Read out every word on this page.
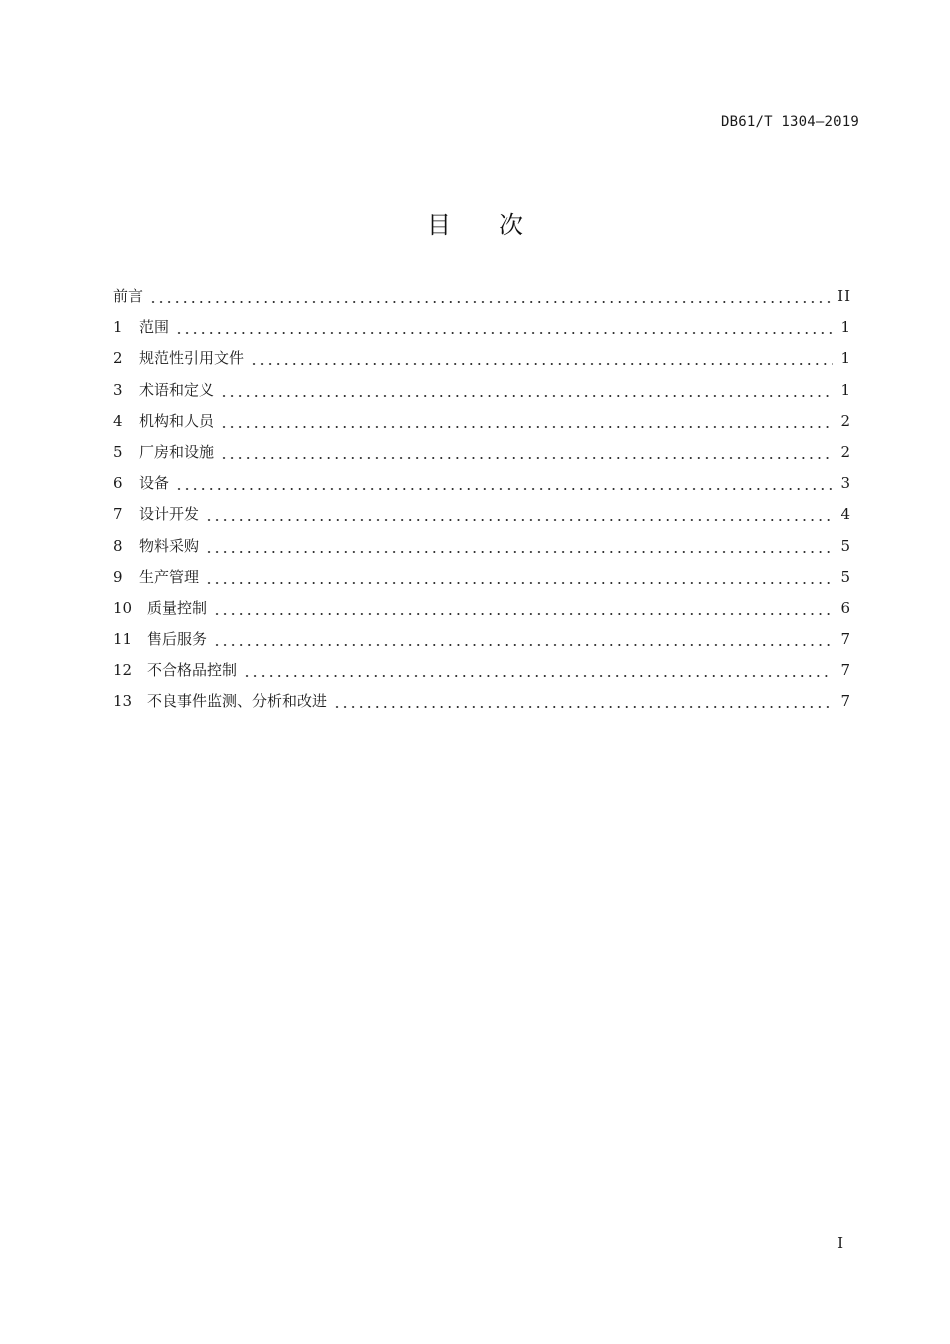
DB61/T 1304—2019
目次
前言	II
1	范围	1
2	规范性引用文件	1
3	术语和定义	1
4	机构和人员	2
5	厂房和设施	2
6	设备	3
7	设计开发	4
8	物料采购	5
9	生产管理	5
10 质量控制	6
11 售后服务	7
12 不合格品控制	7
13 不良事件监测、分析和改进	7
I
